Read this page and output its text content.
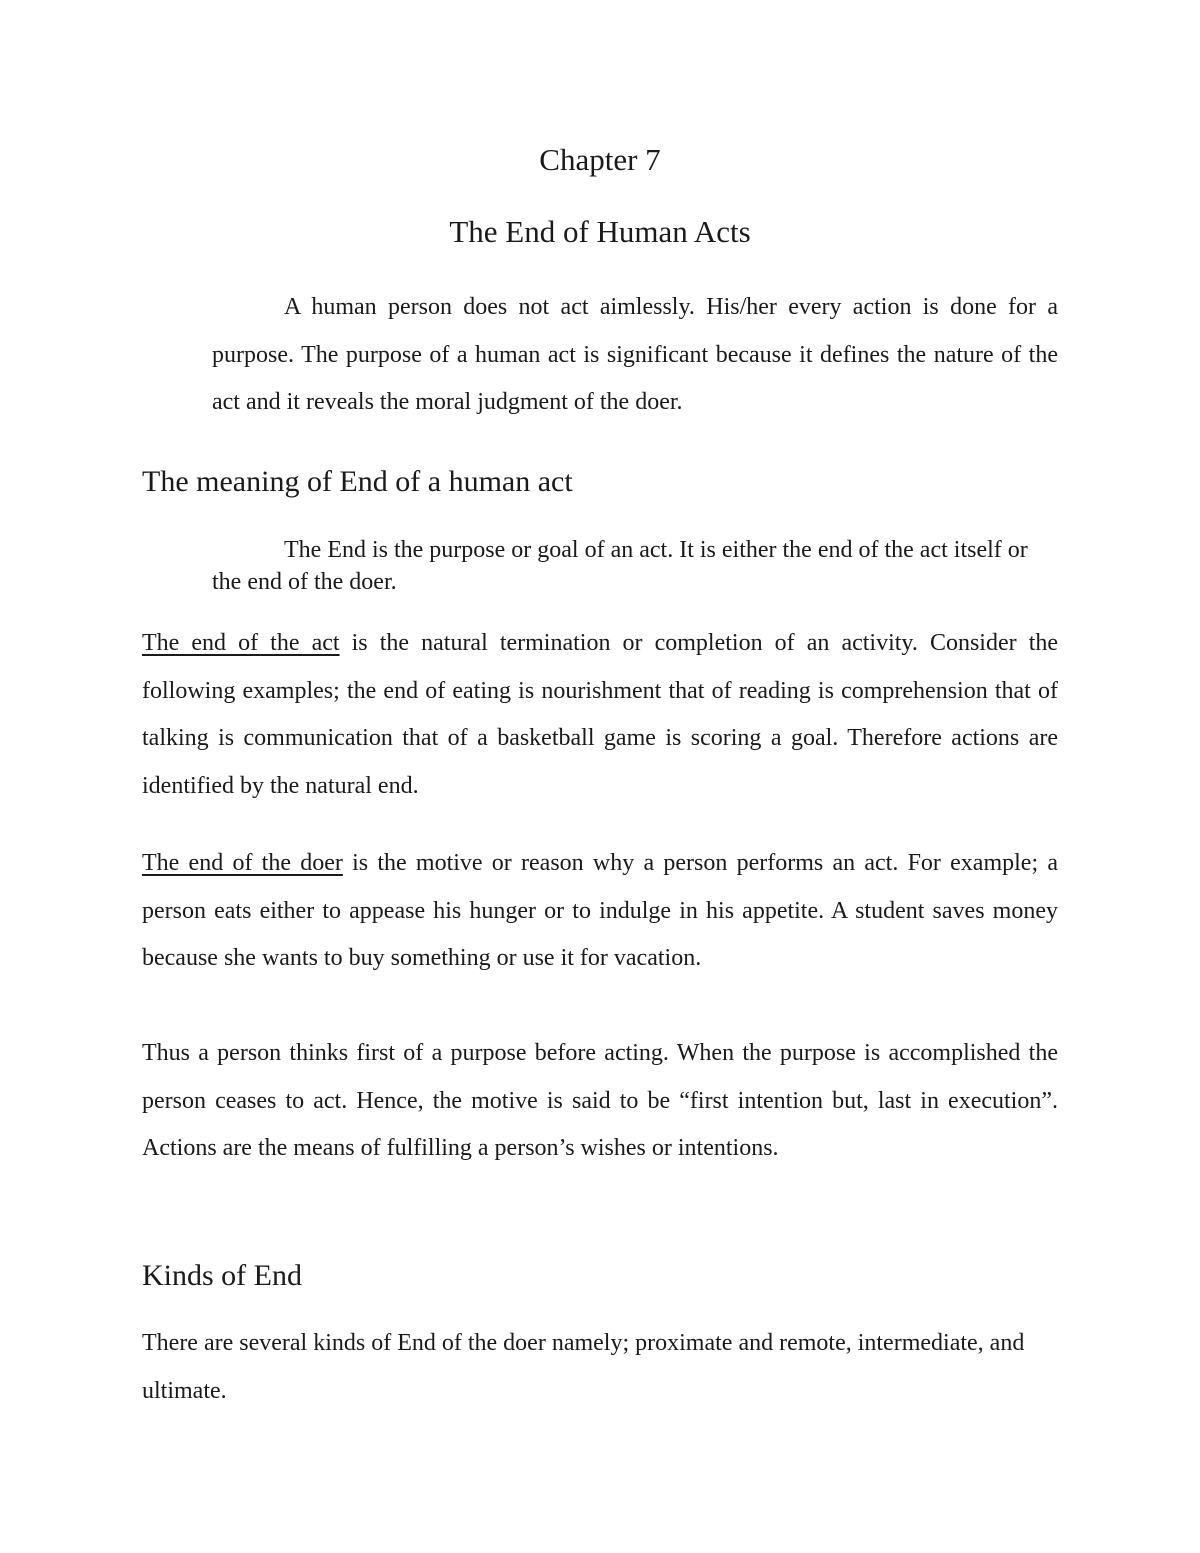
Chapter 7

The End of Human Acts

A human person does not act aimlessly. His/her every action is done for a purpose. The purpose of a human act is significant because it defines the nature of the act and it reveals the moral judgment of the doer.

The meaning of End of a human act

The End is the purpose or goal of an act. It is either the end of the act itself or the end of the doer.

The end of the act is the natural termination or completion of an activity. Consider the following examples; the end of eating is nourishment that of reading is comprehension that of talking is communication that of a basketball game is scoring a goal. Therefore actions are identified by the natural end.

The end of the doer is the motive or reason why a person performs an act. For example; a person eats either to appease his hunger or to indulge in his appetite. A student saves money because she wants to buy something or use it for vacation.

Thus a person thinks first of a purpose before acting. When the purpose is accomplished the person ceases to act. Hence, the motive is said to be “first intention but, last in execution”. Actions are the means of fulfilling a person’s wishes or intentions.

Kinds of End

There are several kinds of End of the doer namely; proximate and remote, intermediate, and ultimate.
